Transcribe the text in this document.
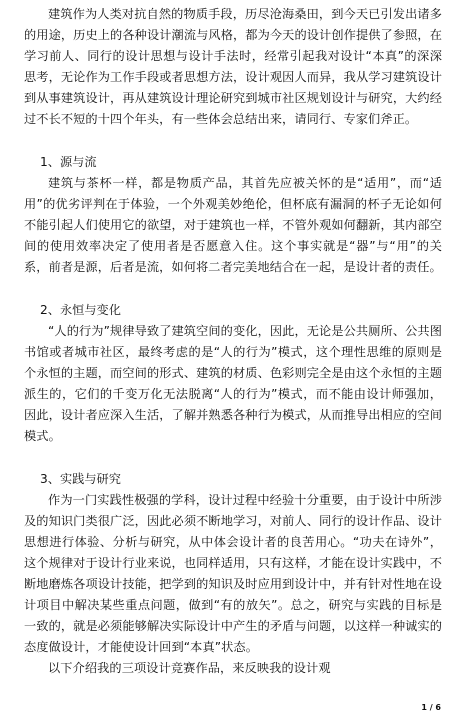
建筑作为人类对抗自然的物质手段，历尽沧海桑田，到今天已引发出诸多的用途，历史上的各种设计潮流与风格，都为今天的设计创作提供了参照，在学习前人、同行的设计思想与设计手法时，经常引起我对设计“本真”的深深思考，无论作为工作手段或者思想方法，设计观因人而异，我从学习建筑设计到从事建筑设计，再从建筑设计理论研究到城市社区规划设计与研究，大约经过不长不短的十四个年头，有一些体会总结出来，请同行、专家们斧正。

1、源与流

建筑与茶杯一样，都是物质产品，其首先应被关怀的是“适用”，而“适用”的优劣评判在于体验，一个外观美妙绝伦，但杯底有漏洞的杯子无论如何不能引起人们使用它的欲望，对于建筑也一样，不管外观如何翻新，其内部空间的使用效率决定了使用者是否愿意入住。这个事实就是“器”与“用”的关系，前者是源，后者是流，如何将二者完美地结合在一起，是设计者的责任。

2、永恒与变化

“人的行为”规律导致了建筑空间的变化，因此，无论是公共厕所、公共图书馆或者城市社区，最终考虑的是“人的行为”模式，这个理性思维的原则是个永恒的主题，而空间的形式、建筑的材质、色彩则完全是由这个永恒的主题派生的，它们的千变万化无法脱离“人的行为”模式，而不能由设计师强加，因此，设计者应深入生活，了解并熟悉各种行为模式，从而推导出相应的空间模式。

3、实践与研究

作为一门实践性极强的学科，设计过程中经验十分重要，由于设计中所涉及的知识门类很广泛，因此必须不断地学习，对前人、同行的设计作品、设计思想进行体验、分析与研究，从中体会设计者的良苦用心。“功夫在诗外”，这个规律对于设计行业来说，也同样适用，只有这样，才能在设计实践中，不断地磨炼各项设计技能，把学到的知识及时应用到设计中，并有针对性地在设计项目中解决某些重点问题，做到“有的放矢”。总之，研究与实践的目标是一致的，就是必须能够解决实际设计中产生的矛盾与问题，以这样一种诚实的态度做设计，才能使设计回到“本真”状态。

以下介绍我的三项设计竞赛作品，来反映我的设计观

1 / 6
